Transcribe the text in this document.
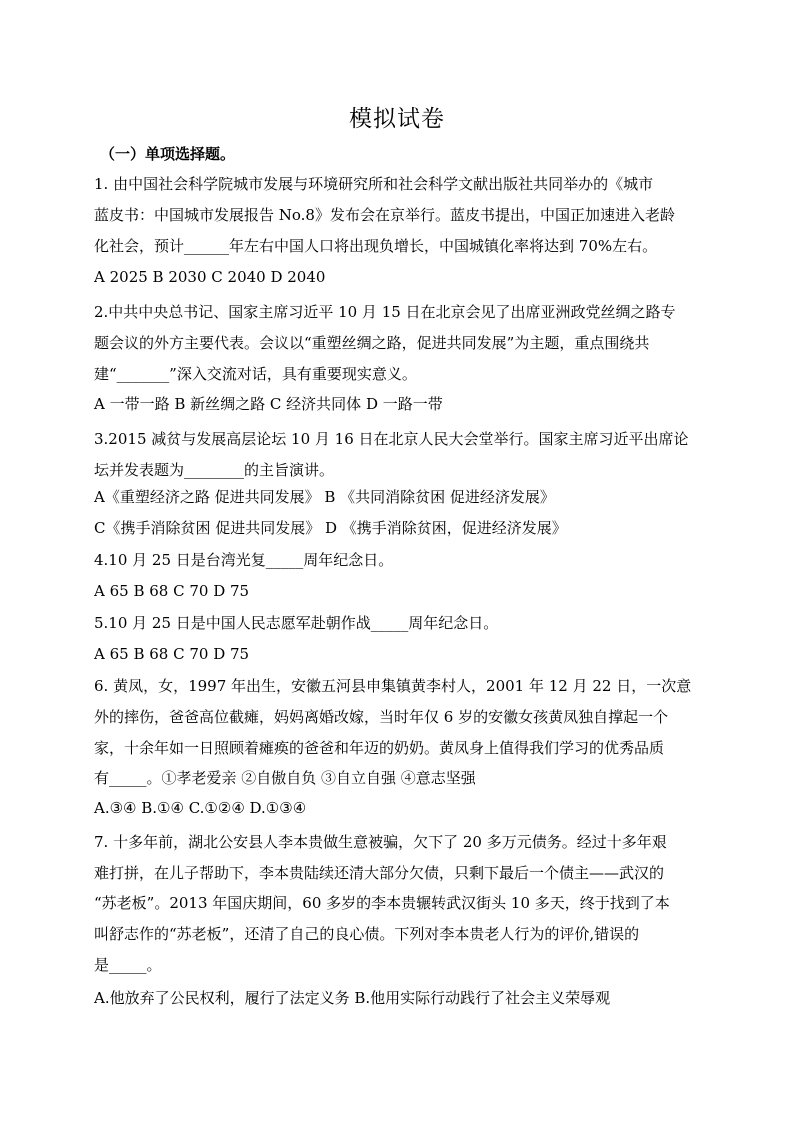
模拟试卷
（一）单项选择题。
1. 由中国社会科学院城市发展与环境研究所和社会科学文献出版社共同举办的《城市
蓝皮书：中国城市发展报告 No.8》发布会在京举行。蓝皮书提出，中国正加速进入老龄
化社会，预计______年左右中国人口将出现负增长，中国城镇化率将达到 70%左右。
A 2025 B 2030 C 2040 D 2040
2.中共中央总书记、国家主席习近平 10 月 15 日在北京会见了出席亚洲政党丝绸之路专
题会议的外方主要代表。会议以“重塑丝绸之路，促进共同发展”为主题，重点围绕共
建“_______”深入交流对话，具有重要现实意义。
A 一带一路 B 新丝绸之路 C 经济共同体 D 一路一带
3.2015 减贫与发展高层论坛 10 月 16 日在北京人民大会堂举行。国家主席习近平出席论
坛并发表题为________的主旨演讲。
A《重塑经济之路 促进共同发展》 B 《共同消除贫困 促进经济发展》
C《携手消除贫困 促进共同发展》 D 《携手消除贫困，促进经济发展》
4.10 月 25 日是台湾光复_____周年纪念日。
A 65 B 68 C 70 D 75
5.10 月 25 日是中国人民志愿军赴朝作战_____周年纪念日。
A 65 B 68 C 70 D 75
6. 黄凤，女，1997 年出生，安徽五河县申集镇黄李村人，2001 年 12 月 22 日，一次意
外的摔伤，爸爸高位截瘫，妈妈离婚改嫁，当时年仅 6 岁的安徽女孩黄凤独自撑起一个
家，十余年如一日照顾着瘫痪的爸爸和年迈的奶奶。黄凤身上值得我们学习的优秀品质
有_____。①孝老爱亲 ②自傲自负 ③自立自强 ④意志坚强
A.③④ B.①④ C.①②④ D.①③④
7. 十多年前，湖北公安县人李本贵做生意被骗，欠下了 20 多万元债务。经过十多年艰
难打拼，在儿子帮助下，李本贵陆续还清大部分欠债，只剩下最后一个债主——武汉的
“苏老板”。2013 年国庆期间，60 多岁的李本贵辗转武汉街头 10 多天，终于找到了本
叫舒志作的“苏老板”，还清了自己的良心债。下列对李本贵老人行为的评价,错误的
是_____。
A.他放弃了公民权利，履行了法定义务 B.他用实际行动践行了社会主义荣辱观
